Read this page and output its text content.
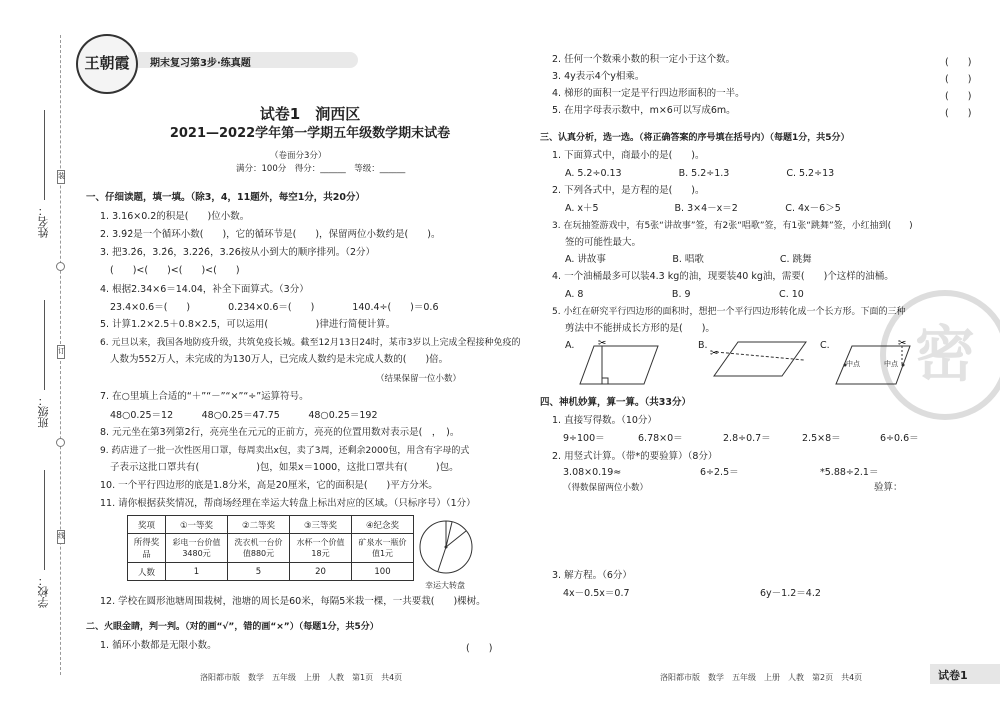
姓名：
班级：
学校：
装
订
线
期末复习第3步·练真题
王朝霞
试卷1　涧西区
2021—2022学年第一学期五年级数学期末试卷
（卷面分3分）
满分：100分　得分：______　等级：______
一、仔细读题，填一填。（除3，4，11题外，每空1分，共20分）
1. 3.16×0.2的积是(　　)位小数。
2. 3.9̇2̇是一个循环小数(　　)，它的循环节是(　　)，保留两位小数约是(　　)。
3. 把3.2̇6，3.2̇6̇，3.22̇6̇，3.26按从小到大的顺序排列。（2分）
(　　)<(　　)<(　　)<(　　)
4. 根据2.34×6＝14.04，补全下面算式。（3分）
23.4×0.6＝(　　)　　　　0.234×0.6＝(　　)　　　　140.4÷(　　)＝0.6
5. 计算1.2×2.5＋0.8×2.5，可以运用(　　　　　)律进行简便计算。
6. 元旦以来，我国各地防疫升级，共筑免疫长城。截至12月13日24时，某市3岁以上完成全程接种免疫的
人数为552万人，未完成的为130万人，已完成人数约是未完成人数的(　　)倍。
（结果保留一位小数）
7. 在○里填上合适的“＋”“－”“×”“÷”运算符号。
48○0.25＝12　　　48○0.25＝47.75　　　48○0.25＝192
8. 元元坐在第3列第2行，亮亮坐在元元的正前方，亮亮的位置用数对表示是(　，　)。
9. 药店进了一批一次性医用口罩，每周卖出x包，卖了3周，还剩余2000包，用含有字母的式
子表示这批口罩共有(　　　　　　)包，如果x＝1000，这批口罩共有(　　　)包。
10. 一个平行四边形的底是1.8分米，高是20厘米，它的面积是(　　)平方分米。
11. 请你根据获奖情况，帮商场经理在幸运大转盘上标出对应的区域。（只标序号）（1分）
奖项	①一等奖	②二等奖	③三等奖	④纪念奖
所得奖品	彩电一台价值3480元	洗衣机一台价值880元	水杯一个价值18元	矿泉水一瓶价值1元
人数	1	5	20	100
幸运大转盘
12. 学校在圆形池塘周围栽树，池塘的周长是60米，每隔5米栽一棵，一共要栽(　　)棵树。
二、火眼金睛，判一判。（对的画“√”，错的画“×”）（每题1分，共5分）
1. 循环小数都是无限小数。	(　　)
洛阳都市版　数学　五年级　上册　人教　第1页　共4页
密
2. 任何一个数乘小数的积一定小于这个数。	(　　)
3. 4y表示4个y相乘。	(　　)
4. 梯形的面积一定是平行四边形面积的一半。	(　　)
5. 在用字母表示数中，m×6可以写成6m。	(　　)
三、认真分析，选一选。（将正确答案的序号填在括号内）（每题1分，共5分）
1. 下面算式中，商最小的是(　　)。
A. 5.2÷0.13　　　　　　B. 5.2÷1.3　　　　　　C. 5.2÷13
2. 下列各式中，是方程的是(　　)。
A. x＋5　　　　　　　　B. 3×4－x＝2　　　　　C. 4x－6＞5
3. 在玩抽签游戏中，有5张“讲故事”签，有2张“唱歌”签，有1张“跳舞”签，小红抽到(　　)
签的可能性最大。
A. 讲故事　　　　　　　B. 唱歌　　　　　　　　C. 跳舞
4. 一个油桶最多可以装4.3 kg的油，现要装40 kg油，需要(　　)个这样的油桶。
A. 8　　　　　　　　　 B. 9　　　　　　　　　 C. 10
5. 小红在研究平行四边形的面积时，想把一个平行四边形转化成一个长方形。下面的三种
剪法中不能拼成长方形的是(　　)。
A. ✂	B.
✂
C.	✂
中点	中点
四、神机妙算，算一算。（共33分）
1. 直接写得数。（10分）
9÷100＝	6.78×0＝	2.8÷0.7＝	2.5×8＝	6÷0.6＝
2. 用竖式计算。（带*的要验算）（8分）
3.08×0.19≈	6÷2.5＝	*5.88÷2.1＝
（得数保留两位小数）	验算：
3. 解方程。（6分）
4x－0.5x＝0.7	6y－1.2＝4.2
洛阳都市版　数学　五年级　上册　人教　第2页　共4页	试卷1
